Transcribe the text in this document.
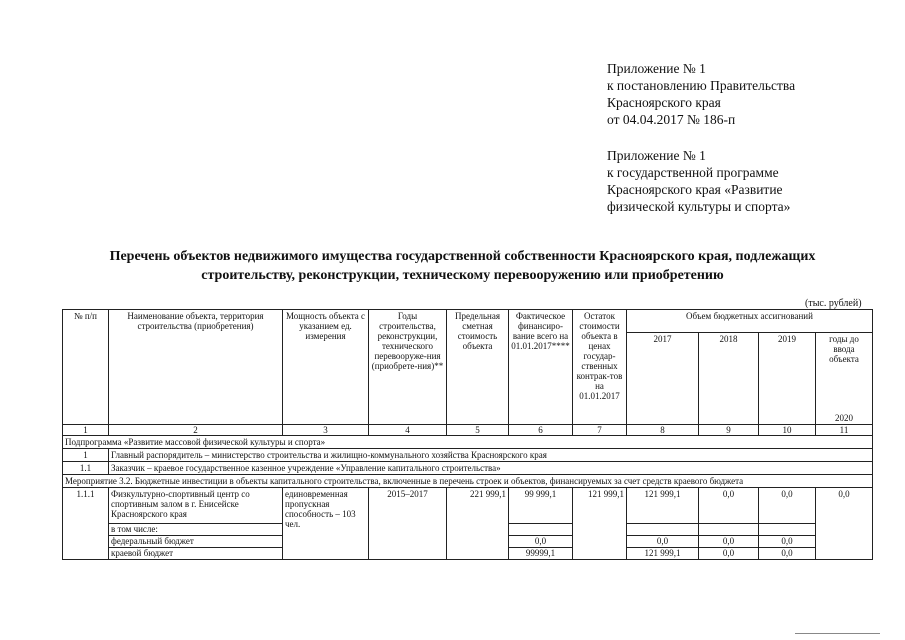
Приложение № 1
к постановлению Правительства
Красноярского края
от 04.04.2017 № 186-п
Приложение № 1
к государственной программе
Красноярского края «Развитие
физической культуры и спорта»
Перечень объектов недвижимого имущества государственной собственности Красноярского края, подлежащих
строительству, реконструкции, техническому перевооружению или приобретению
(тыс. рублей)
№ п/п	Наименование объекта, территория строительства (приобретения)	Мощность объекта с указанием ед. измерения	Годы строительства, реконструкции, технического перевооруже-ния (приобрете-ния)**	Предельная сметная стоимость объекта	Фактическое финансиро-вание всего на 01.01.2017****	Остаток стоимости объекта в ценах государ-ственных контрак-тов на 01.01.2017	Объем бюджетных ассигнований			
							2017	2018	2019	годы до ввода объекта
										2020
1	2	3	4	5	6	7	8	9	10	11
Подпрограмма «Развитие массовой физической культуры и спорта»										
1	Главный распорядитель – министерство строительства и жилищно-коммунального хозяйства Красноярского края									
1.1	Заказчик – краевое государственное казенное учреждение «Управление капитального строительства»									
Мероприятие 3.2. Бюджетные инвестиции в объекты капитального строительства, включенные в перечень строек и объектов, финансируемых за счет средств краевого бюджета										
1.1.1	Физкультурно-спортивный центр со спортивным залом в г. Енисейске Красноярского края	единовременная пропускная способность – 103 чел.	2015–2017	221 999,1	99 999,1	121 999,1	121 999,1	0,0	0,0	0,0
	в том числе:									
	федеральный бюджет				0,0		0,0	0,0	0,0	
	краевой бюджет				99999,1		121 999,1	0,0	0,0	
